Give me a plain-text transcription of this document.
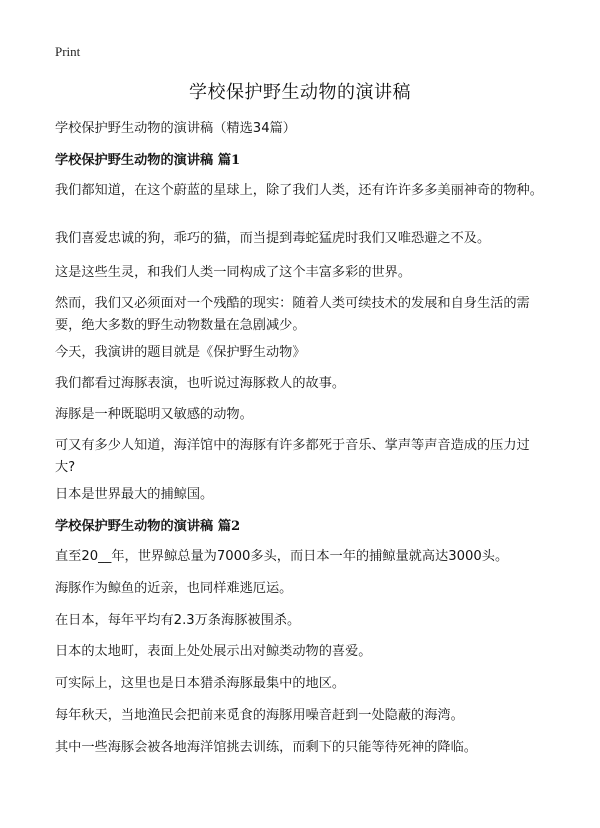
Print
学校保护野生动物的演讲稿
学校保护野生动物的演讲稿（精选34篇）
学校保护野生动物的演讲稿 篇1
我们都知道，在这个蔚蓝的星球上，除了我们人类，还有许许多多美丽神奇的物种。
我们喜爱忠诚的狗，乖巧的猫，而当提到毒蛇猛虎时我们又唯恐避之不及。
这是这些生灵，和我们人类一同构成了这个丰富多彩的世界。
然而，我们又必须面对一个残酷的现实：随着人类可续技术的发展和自身生活的需要，绝大多数的野生动物数量在急剧减少。
今天，我演讲的题目就是《保护野生动物》
我们都看过海豚表演，也听说过海豚救人的故事。
海豚是一种既聪明又敏感的动物。
可又有多少人知道，海洋馆中的海豚有许多都死于音乐、掌声等声音造成的压力过大?
日本是世界最大的捕鲸国。
学校保护野生动物的演讲稿 篇2
直至20__年，世界鲸总量为7000多头，而日本一年的捕鲸量就高达3000头。
海豚作为鲸鱼的近亲，也同样难逃厄运。
在日本，每年平均有2.3万条海豚被围杀。
日本的太地町，表面上处处展示出对鲸类动物的喜爱。
可实际上，这里也是日本猎杀海豚最集中的地区。
每年秋天，当地渔民会把前来觅食的海豚用噪音赶到一处隐蔽的海湾。
其中一些海豚会被各地海洋馆挑去训练，而剩下的只能等待死神的降临。
